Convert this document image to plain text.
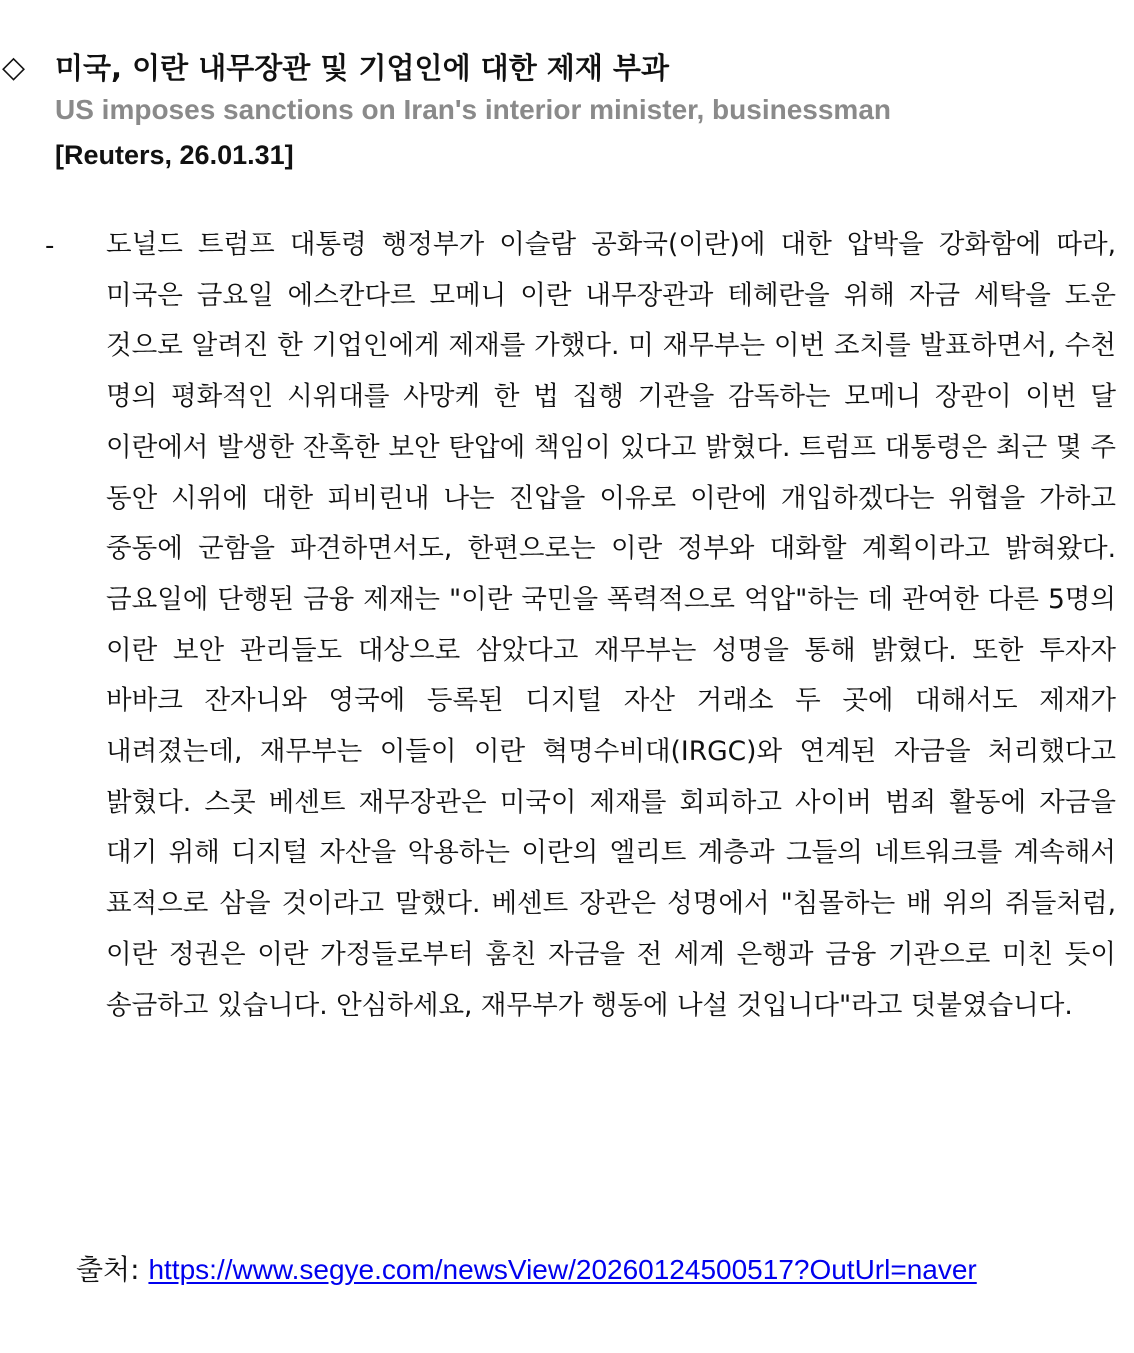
◇	미국, 이란 내무장관 및 기업인에 대한 제재 부과
US imposes sanctions on Iran's interior minister, businessman
[Reuters, 26.01.31]
- 도널드 트럼프 대통령 행정부가 이슬람 공화국(이란)에 대한 압박을 강화함에 따라, 미국은 금요일 에스칸다르 모메니 이란 내무장관과 테헤란을 위해 자금 세탁을 도운 것으로 알려진 한 기업인에게 제재를 가했다. 미 재무부는 이번 조치를 발표하면서, 수천 명의 평화적인 시위대를 사망케 한 법 집행 기관을 감독하는 모메니 장관이 이번 달 이란에서 발생한 잔혹한 보안 탄압에 책임이 있다고 밝혔다. 트럼프 대통령은 최근 몇 주 동안 시위에 대한 피비린내 나는 진압을 이유로 이란에 개입하겠다는 위협을 가하고 중동에 군함을 파견하면서도, 한편으로는 이란 정부와 대화할 계획이라고 밝혀왔다. 금요일에 단행된 금융 제재는 "이란 국민을 폭력적으로 억압"하는 데 관여한 다른 5명의 이란 보안 관리들도 대상으로 삼았다고 재무부는 성명을 통해 밝혔다. 또한 투자자 바바크 잔자니와 영국에 등록된 디지털 자산 거래소 두 곳에 대해서도 제재가 내려졌는데, 재무부는 이들이 이란 혁명수비대(IRGC)와 연계된 자금을 처리했다고 밝혔다. 스콧 베센트 재무장관은 미국이 제재를 회피하고 사이버 범죄 활동에 자금을 대기 위해 디지털 자산을 악용하는 이란의 엘리트 계층과 그들의 네트워크를 계속해서 표적으로 삼을 것이라고 말했다. 베센트 장관은 성명에서 "침몰하는 배 위의 쥐들처럼, 이란 정권은 이란 가정들로부터 훔친 자금을 전 세계 은행과 금융 기관으로 미친 듯이 송금하고 있습니다. 안심하세요, 재무부가 행동에 나설 것입니다"라고 덧붙였습니다.

출처: https://www.segye.com/newsView/20260124500517?OutUrl=naver
